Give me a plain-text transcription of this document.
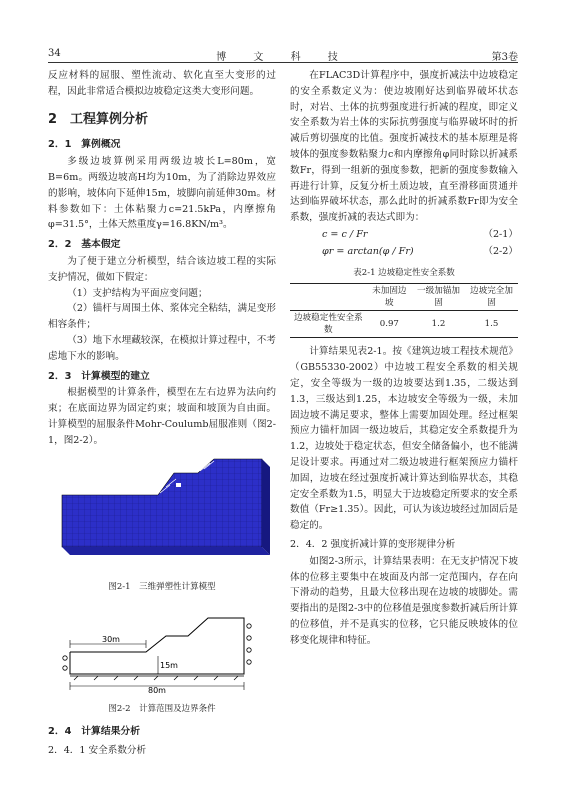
34	博 文 科 技	第3卷

反应材料的屈服、塑性流动、软化直至大变形的过程，因此非常适合模拟边坡稳定这类大变形问题。

2　工程算例分析
2．1　算例概况

多级边坡算例采用两级边坡长L=80m，宽B=6m。两级边坡高H均为10m，为了消除边界效应的影响，坡体向下延伸15m，坡脚向前延伸30m。材料参数如下：土体粘聚力c=21.5kPa，内摩擦角φ=31.5°，土体天然重度γ=16.8KN/m³。

2．2　基本假定

为了便于建立分析模型，结合该边坡工程的实际支护情况，做如下假定：

（1）支护结构为平面应变问题；

（2）锚杆与周围土体、浆体完全粘结，满足变形相容条件；

（3）地下水埋藏较深，在模拟计算过程中，不考虑地下水的影响。

2．3　计算模型的建立

根据模型的计算条件，模型在左右边界为法向约束；在底面边界为固定约束；坡面和坡顶为自由面。计算模型的屈服条件Mohr-Coulumb屈服准则（图2-1，图2-2）。

图2-1　三维弹塑性计算模型
30m
15m
80m
图2-2　计算范围及边界条件
2．4　计算结果分析
2．4．1 安全系数分析

在FLAC3D计算程序中，强度折减法中边坡稳定的安全系数定义为：使边坡刚好达到临界破坏状态时，对岩、土体的抗剪强度进行折减的程度，即定义安全系数为岩土体的实际抗剪强度与临界破坏时的折减后剪切强度的比值。强度折减技术的基本原理是将坡体的强度参数粘聚力c和内摩擦角φ同时除以折减系数Fr，得到一组新的强度参数，把新的强度参数输入再进行计算，反复分析土质边坡，直至滑移面贯通并达到临界破坏状态，那么此时的折减系数Fr即为安全系数，强度折减的表达式即为：

c = c / Fr	（2-1）
φr = arctan(φ / Fr)	（2-2）
表2-1 边坡稳定性安全系数
	未加固边坡	一级加锚加固	边坡完全加固
边坡稳定性安全系数	0.97	1.2	1.5

计算结果见表2-1。按《建筑边坡工程技术规范》（GB55330-2002）中边坡工程安全系数的相关规定，安全等级为一级的边坡要达到1.35，二级达到1.3，三级达到1.25，本边坡安全等级为一级，未加固边坡不满足要求，整体上需要加固处理。经过框架预应力锚杆加固一级边坡后，其稳定安全系数提升为1.2，边坡处于稳定状态，但安全储备偏小，也不能满足设计要求。再通过对二级边坡进行框架预应力锚杆加固，边坡在经过强度折减计算达到临界状态，其稳定安全系数为1.5，明显大于边坡稳定所要求的安全系数值（Fr≥1.35）。因此，可认为该边坡经过加固后是稳定的。

2．4．2 强度折减计算的变形规律分析

如图2-3所示，计算结果表明：在无支护情况下坡体的位移主要集中在坡面及内部一定范围内，存在向下滑动的趋势，且最大位移出现在边坡的坡脚处。需要指出的是图2-3中的位移值是强度参数折减后所计算的位移值，并不是真实的位移，它只能反映坡体的位移变化规律和特征。
